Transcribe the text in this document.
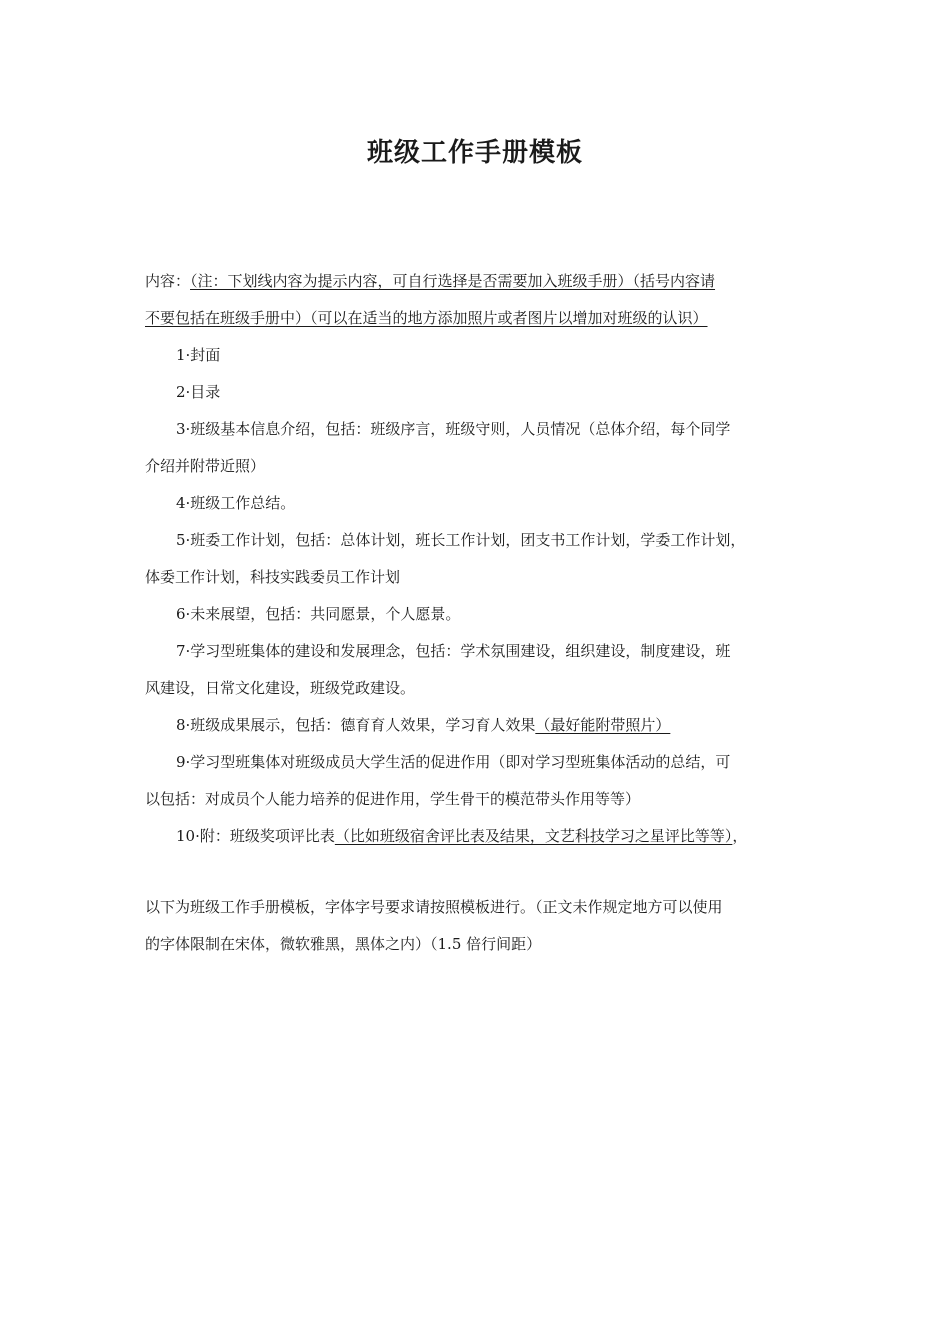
班级工作手册模板
内容：（注：下划线内容为提示内容，可自行选择是否需要加入班级手册）（括号内容请
不要包括在班级手册中）（可以在适当的地方添加照片或者图片以增加对班级的认识）
1·封面
2·目录
3·班级基本信息介绍，包括：班级序言，班级守则，人员情况（总体介绍，每个同学
介绍并附带近照）
4·班级工作总结。
5·班委工作计划，包括：总体计划，班长工作计划，团支书工作计划，学委工作计划，
体委工作计划，科技实践委员工作计划
6·未来展望，包括：共同愿景，个人愿景。
7·学习型班集体的建设和发展理念，包括：学术氛围建设，组织建设，制度建设，班
风建设，日常文化建设，班级党政建设。
8·班级成果展示，包括：德育育人效果，学习育人效果（最好能附带照片）
9·学习型班集体对班级成员大学生活的促进作用（即对学习型班集体活动的总结，可
以包括：对成员个人能力培养的促进作用，学生骨干的模范带头作用等等）
10·附：班级奖项评比表（比如班级宿舍评比表及结果，文艺科技学习之星评比等等），
以下为班级工作手册模板，字体字号要求请按照模板进行。（正文未作规定地方可以使用
的字体限制在宋体，微软雅黑，黑体之内）（1.5 倍行间距）
